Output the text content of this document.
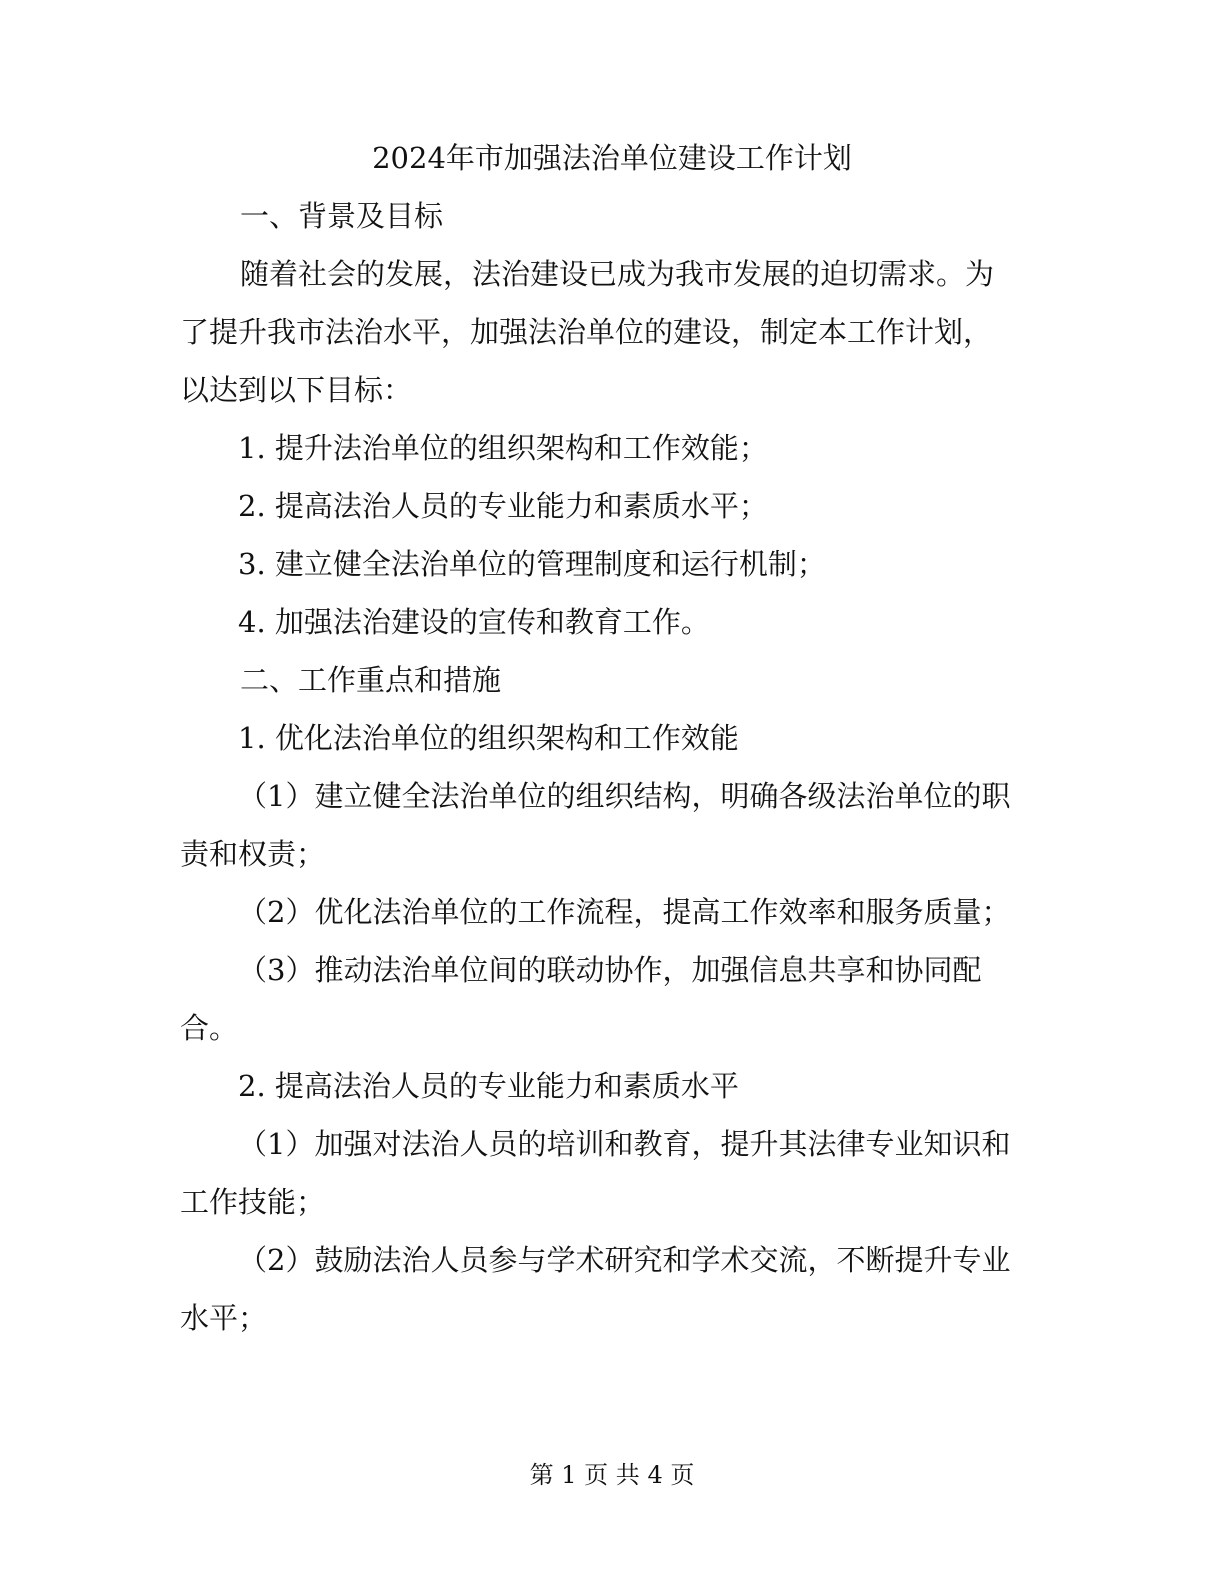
2024年市加强法治单位建设工作计划
一、背景及目标
随着社会的发展，法治建设已成为我市发展的迫切需求。为
了提升我市法治水平，加强法治单位的建设，制定本工作计划，
以达到以下目标：
1. 提升法治单位的组织架构和工作效能；
2. 提高法治人员的专业能力和素质水平；
3. 建立健全法治单位的管理制度和运行机制；
4. 加强法治建设的宣传和教育工作。
二、工作重点和措施
1. 优化法治单位的组织架构和工作效能
（1）建立健全法治单位的组织结构，明确各级法治单位的职
责和权责；
（2）优化法治单位的工作流程，提高工作效率和服务质量；
（3）推动法治单位间的联动协作，加强信息共享和协同配
合。
2. 提高法治人员的专业能力和素质水平
（1）加强对法治人员的培训和教育，提升其法律专业知识和
工作技能；
（2）鼓励法治人员参与学术研究和学术交流，不断提升专业
水平；
第 1 页 共 4 页
